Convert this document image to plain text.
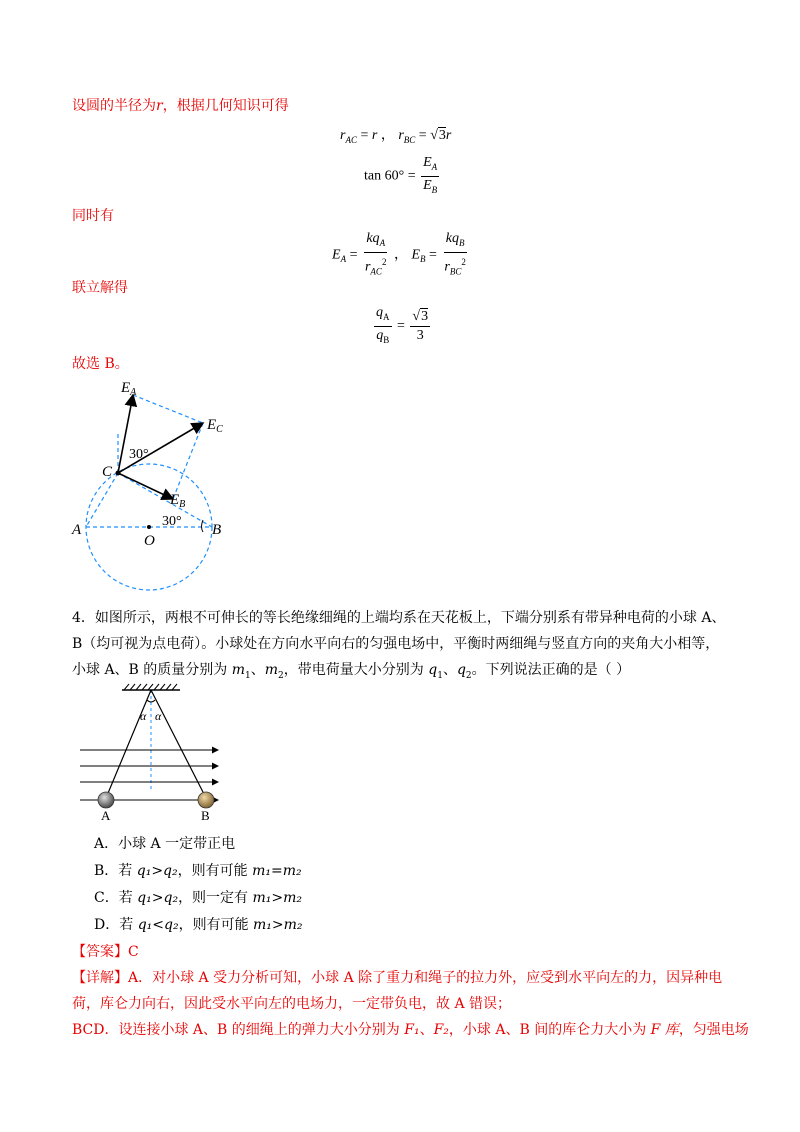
设圆的半径为r，根据几何知识可得
$r_{AC} = r$ ， $r_{BC} = √3r$
$\tan 60^\circ = \frac{E_A}{E_B}$
同时有
$E_A = \frac{kq_A}{r_{AC}^2}$ ， $E_B = \frac{kq_B}{r_{BC}^2}$
联立解得
$\frac{q_A}{q_B} = \frac{√3}{3}$
故选 B。
$E_A$
$E_C$
$E_B$
C
A
O
B
30°
30°
4．如图所示，两根不可伸长的等长绝缘细绳的上端均系在天花板上，下端分别系有带异种电荷的小球 A、
B（均可视为点电荷）。小球处在方向水平向右的匀强电场中，平衡时两细绳与竖直方向的夹角大小相等，
小球 A、B 的质量分别为 $m_1$、$m_2$，带电荷量大小分别为 $q_1$、$q_2$。下列说法正确的是（ ）
α α
A	B
A．小球 A 一定带正电
B．若 q₁>q₂，则有可能 m₁=m₂
C．若 q₁>q₂，则一定有 m₁>m₂
D．若 q₁<q₂，则有可能 m₁>m₂
【答案】C
【详解】A．对小球 A 受力分析可知，小球 A 除了重力和绳子的拉力外，应受到水平向左的力，因异种电
荷，库仑力向右，因此受水平向左的电场力，一定带负电，故 A 错误；
BCD．设连接小球 A、B 的细绳上的弹力大小分别为 F₁、F₂，小球 A、B 间的库仑力大小为 F 库，匀强电场
